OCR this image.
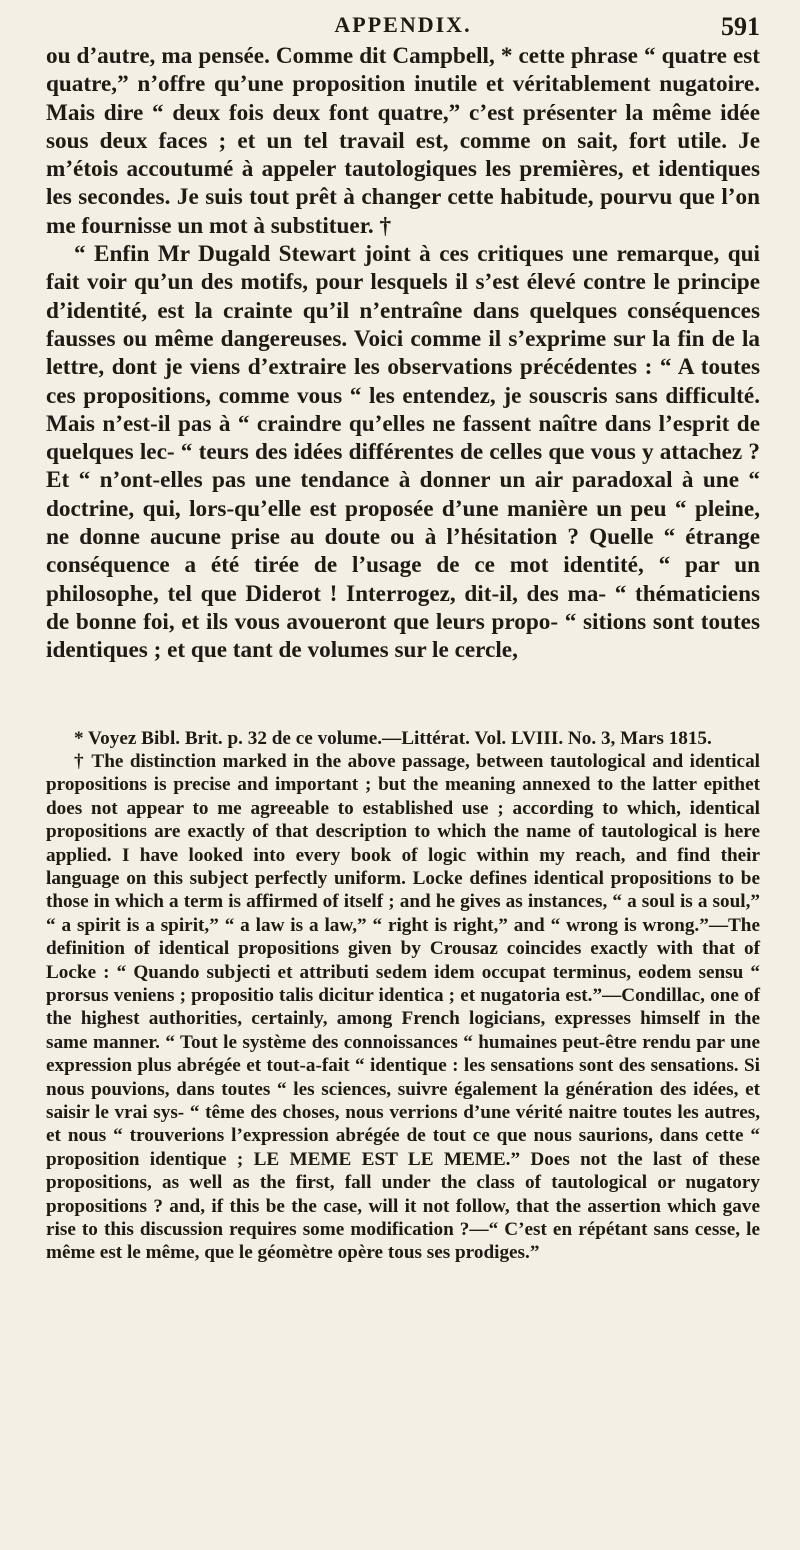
APPENDIX.	591

ou d’autre, ma pensée. Comme dit Campbell, * cette phrase “ quatre est quatre,” n’offre qu’une proposition inutile et véritablement nugatoire. Mais dire “ deux fois deux font quatre,” c’est présenter la même idée sous deux faces ; et un tel travail est, comme on sait, fort utile. Je m’étois accoutumé à appeler tautologiques les premières, et identiques les secondes. Je suis tout prêt à changer cette habitude, pourvu que l’on me fournisse un mot à substituer. †

“ Enfin Mr Dugald Stewart joint à ces critiques une remarque, qui fait voir qu’un des motifs, pour lesquels il s’est élevé contre le principe d’identité, est la crainte qu’il n’entraîne dans quelques conséquences fausses ou même dangereuses. Voici comme il s’exprime sur la fin de la lettre, dont je viens d’extraire les observations précédentes : “ A toutes ces propositions, comme vous “ les entendez, je souscris sans difficulté. Mais n’est-il pas à “ craindre qu’elles ne fassent naître dans l’esprit de quelques lec- “ teurs des idées différentes de celles que vous y attachez ? Et “ n’ont-elles pas une tendance à donner un air paradoxal à une “ doctrine, qui, lors-qu’elle est proposée d’une manière un peu “ pleine, ne donne aucune prise au doute ou à l’hésitation ? Quelle “ étrange conséquence a été tirée de l’usage de ce mot identité, “ par un philosophe, tel que Diderot ! Interrogez, dit-il, des ma- “ thématiciens de bonne foi, et ils vous avoueront que leurs propo- “ sitions sont toutes identiques ; et que tant de volumes sur le cercle,

* Voyez Bibl. Brit. p. 32 de ce volume.—Littérat. Vol. LVIII. No. 3, Mars 1815.

† The distinction marked in the above passage, between tautological and identical propositions is precise and important ; but the meaning annexed to the latter epithet does not appear to me agreeable to established use ; according to which, identical propositions are exactly of that description to which the name of tautological is here applied. I have looked into every book of logic within my reach, and find their language on this subject perfectly uniform. Locke defines identical propositions to be those in which a term is affirmed of itself ; and he gives as instances, “ a soul is a soul,” “ a spirit is a spirit,” “ a law is a law,” “ right is right,” and “ wrong is wrong.”—The definition of identical propositions given by Crousaz coincides exactly with that of Locke : “ Quando subjecti et attributi sedem idem occupat terminus, eodem sensu “ prorsus veniens ; propositio talis dicitur identica ; et nugatoria est.”—Condillac, one of the highest authorities, certainly, among French logicians, expresses himself in the same manner. “ Tout le système des connoissances “ humaines peut-être rendu par une expression plus abrégée et tout-a-fait “ identique : les sensations sont des sensations. Si nous pouvions, dans toutes “ les sciences, suivre également la génération des idées, et saisir le vrai sys- “ tême des choses, nous verrions d’une vérité naitre toutes les autres, et nous “ trouverions l’expression abrégée de tout ce que nous saurions, dans cette “ proposition identique ; LE MEME EST LE MEME.” Does not the last of these propositions, as well as the first, fall under the class of tautological or nugatory propositions ? and, if this be the case, will it not follow, that the assertion which gave rise to this discussion requires some modification ?—“ C’est en répétant sans cesse, le même est le même, que le géomètre opère tous ses prodiges.”
